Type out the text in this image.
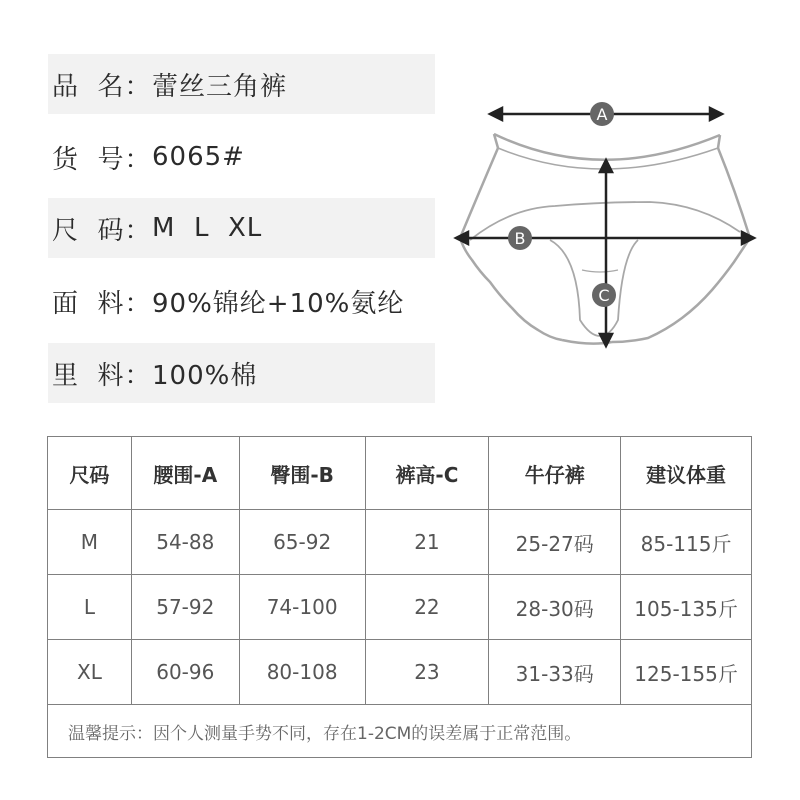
品  名： 蕾丝三角裤
货  号： 6065#
尺  码： M  L  XL
面  料： 90%锦纶+10%氨纶
里  料： 100%棉
A
B
C
尺码	腰围-A	臀围-B	裤高-C	牛仔裤	建议体重
M	54-88	65-92	21	25-27码	85-115斤
L	57-92	74-100	22	28-30码	105-135斤
XL	60-96	80-108	23	31-33码	125-155斤
温馨提示：因个人测量手势不同，存在1-2CM的误差属于正常范围。					
